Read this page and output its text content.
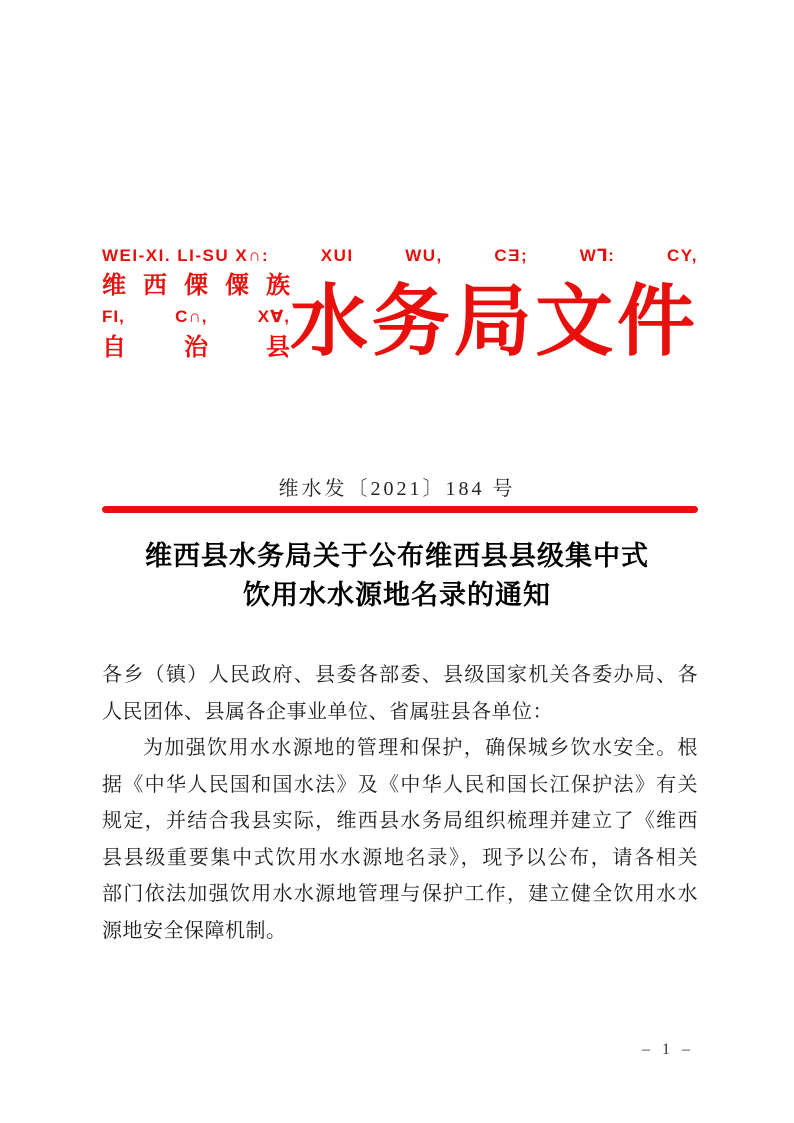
WEI-XI. LI-SU X∩:	XUI	WU,	CƎ;	W⅂:	CY,
维西傈僳族
FI, C∩, X∀,
自治县 水务局文件
维水发〔2021〕184 号
维西县水务局关于公布维西县县级集中式
饮用水水源地名录的通知
各乡（镇）人民政府、县委各部委、县级国家机关各委办局、各
人民团体、县属各企事业单位、省属驻县各单位：
为加强饮用水水源地的管理和保护，确保城乡饮水安全。根
据《中华人民国和国水法》及《中华人民和国长江保护法》有关
规定，并结合我县实际，维西县水务局组织梳理并建立了《维西
县县级重要集中式饮用水水源地名录》，现予以公布，请各相关
部门依法加强饮用水水源地管理与保护工作，建立健全饮用水水
源地安全保障机制。
– 1 –
